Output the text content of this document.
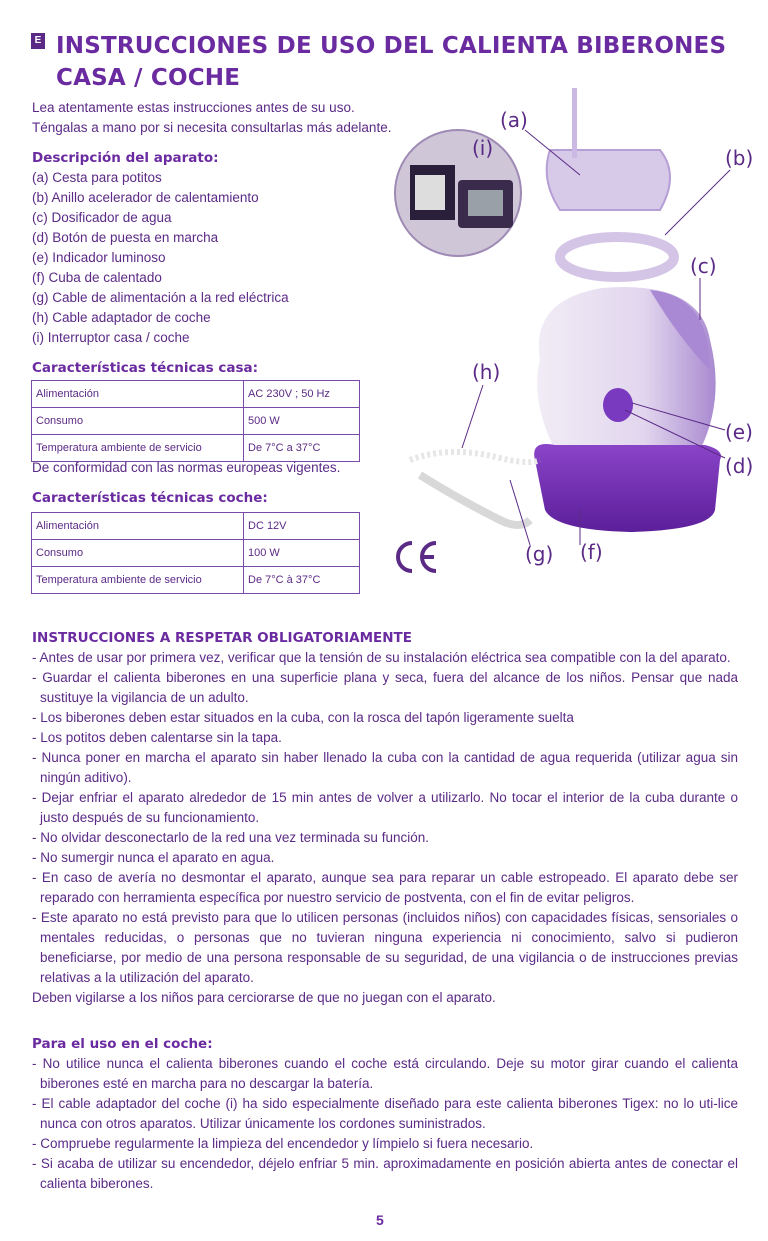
E INSTRUCCIONES DE USO DEL CALIENTA BIBERONES
CASA / COCHE
Lea atentamente estas instrucciones antes de su uso.
Téngalas a mano por si necesita consultarlas más adelante.
Descripción del aparato:
(a) Cesta para potitos
(b) Anillo acelerador de calentamiento
(c) Dosificador de agua
(d) Botón de puesta en marcha
(e) Indicador luminoso
(f) Cuba de calentado
(g) Cable de alimentación a la red eléctrica
(h) Cable adaptador de coche
(i) Interruptor casa / coche
Características técnicas casa:
Alimentación	AC 230V ; 50 Hz
Consumo	500 W
Temperatura ambiente de servicio	De 7°C a 37°C
De conformidad con las normas europeas vigentes.
Características técnicas coche:
Alimentación	DC 12V
Consumo	100 W
Temperatura ambiente de servicio	De 7°C à 37°C
(a)
(i)	(b)
(c)
(h)
(e)
(d)
(g) (f)
INSTRUCCIONES A RESPETAR OBLIGATORIAMENTE
- Antes de usar por primera vez, verificar que la tensión de su instalación eléctrica sea compatible con la del aparato.
- Guardar el calienta biberones en una superficie plana y seca, fuera del alcance de los niños. Pensar que nada sustituye la vigilancia de un adulto.
- Los biberones deben estar situados en la cuba, con la rosca del tapón ligeramente suelta
- Los potitos deben calentarse sin la tapa.
- Nunca poner en marcha el aparato sin haber llenado la cuba con la cantidad de agua requerida (utilizar agua sin ningún aditivo).
- Dejar enfriar el aparato alrededor de 15 min antes de volver a utilizarlo. No tocar el interior de la cuba durante o justo después de su funcionamiento.
- No olvidar desconectarlo de la red una vez terminada su función.
- No sumergir nunca el aparato en agua.
- En caso de avería no desmontar el aparato, aunque sea para reparar un cable estropeado. El aparato debe ser reparado con herramienta específica por nuestro servicio de postventa, con el fin de evitar peligros.
- Este aparato no está previsto para que lo utilicen personas (incluidos niños) con capacidades físicas, sensoriales o mentales reducidas, o personas que no tuvieran ninguna experiencia ni conocimiento, salvo si pudieron beneficiarse, por medio de una persona responsable de su seguridad, de una vigilancia o de instrucciones previas relativas a la utilización del aparato.
Deben vigilarse a los niños para cerciorarse de que no juegan con el aparato.
Para el uso en el coche:
- No utilice nunca el calienta biberones cuando el coche está circulando. Deje su motor girar cuando el calienta biberones esté en marcha para no descargar la batería.
- El cable adaptador del coche (i) ha sido especialmente diseñado para este calienta biberones Tigex: no lo uti-lice nunca con otros aparatos. Utilizar únicamente los cordones suministrados.
- Compruebe regularmente la limpieza del encendedor y límpielo si fuera necesario.
- Si acaba de utilizar su encendedor, déjelo enfriar 5 min. aproximadamente en posición abierta antes de conectar el calienta biberones.
5
